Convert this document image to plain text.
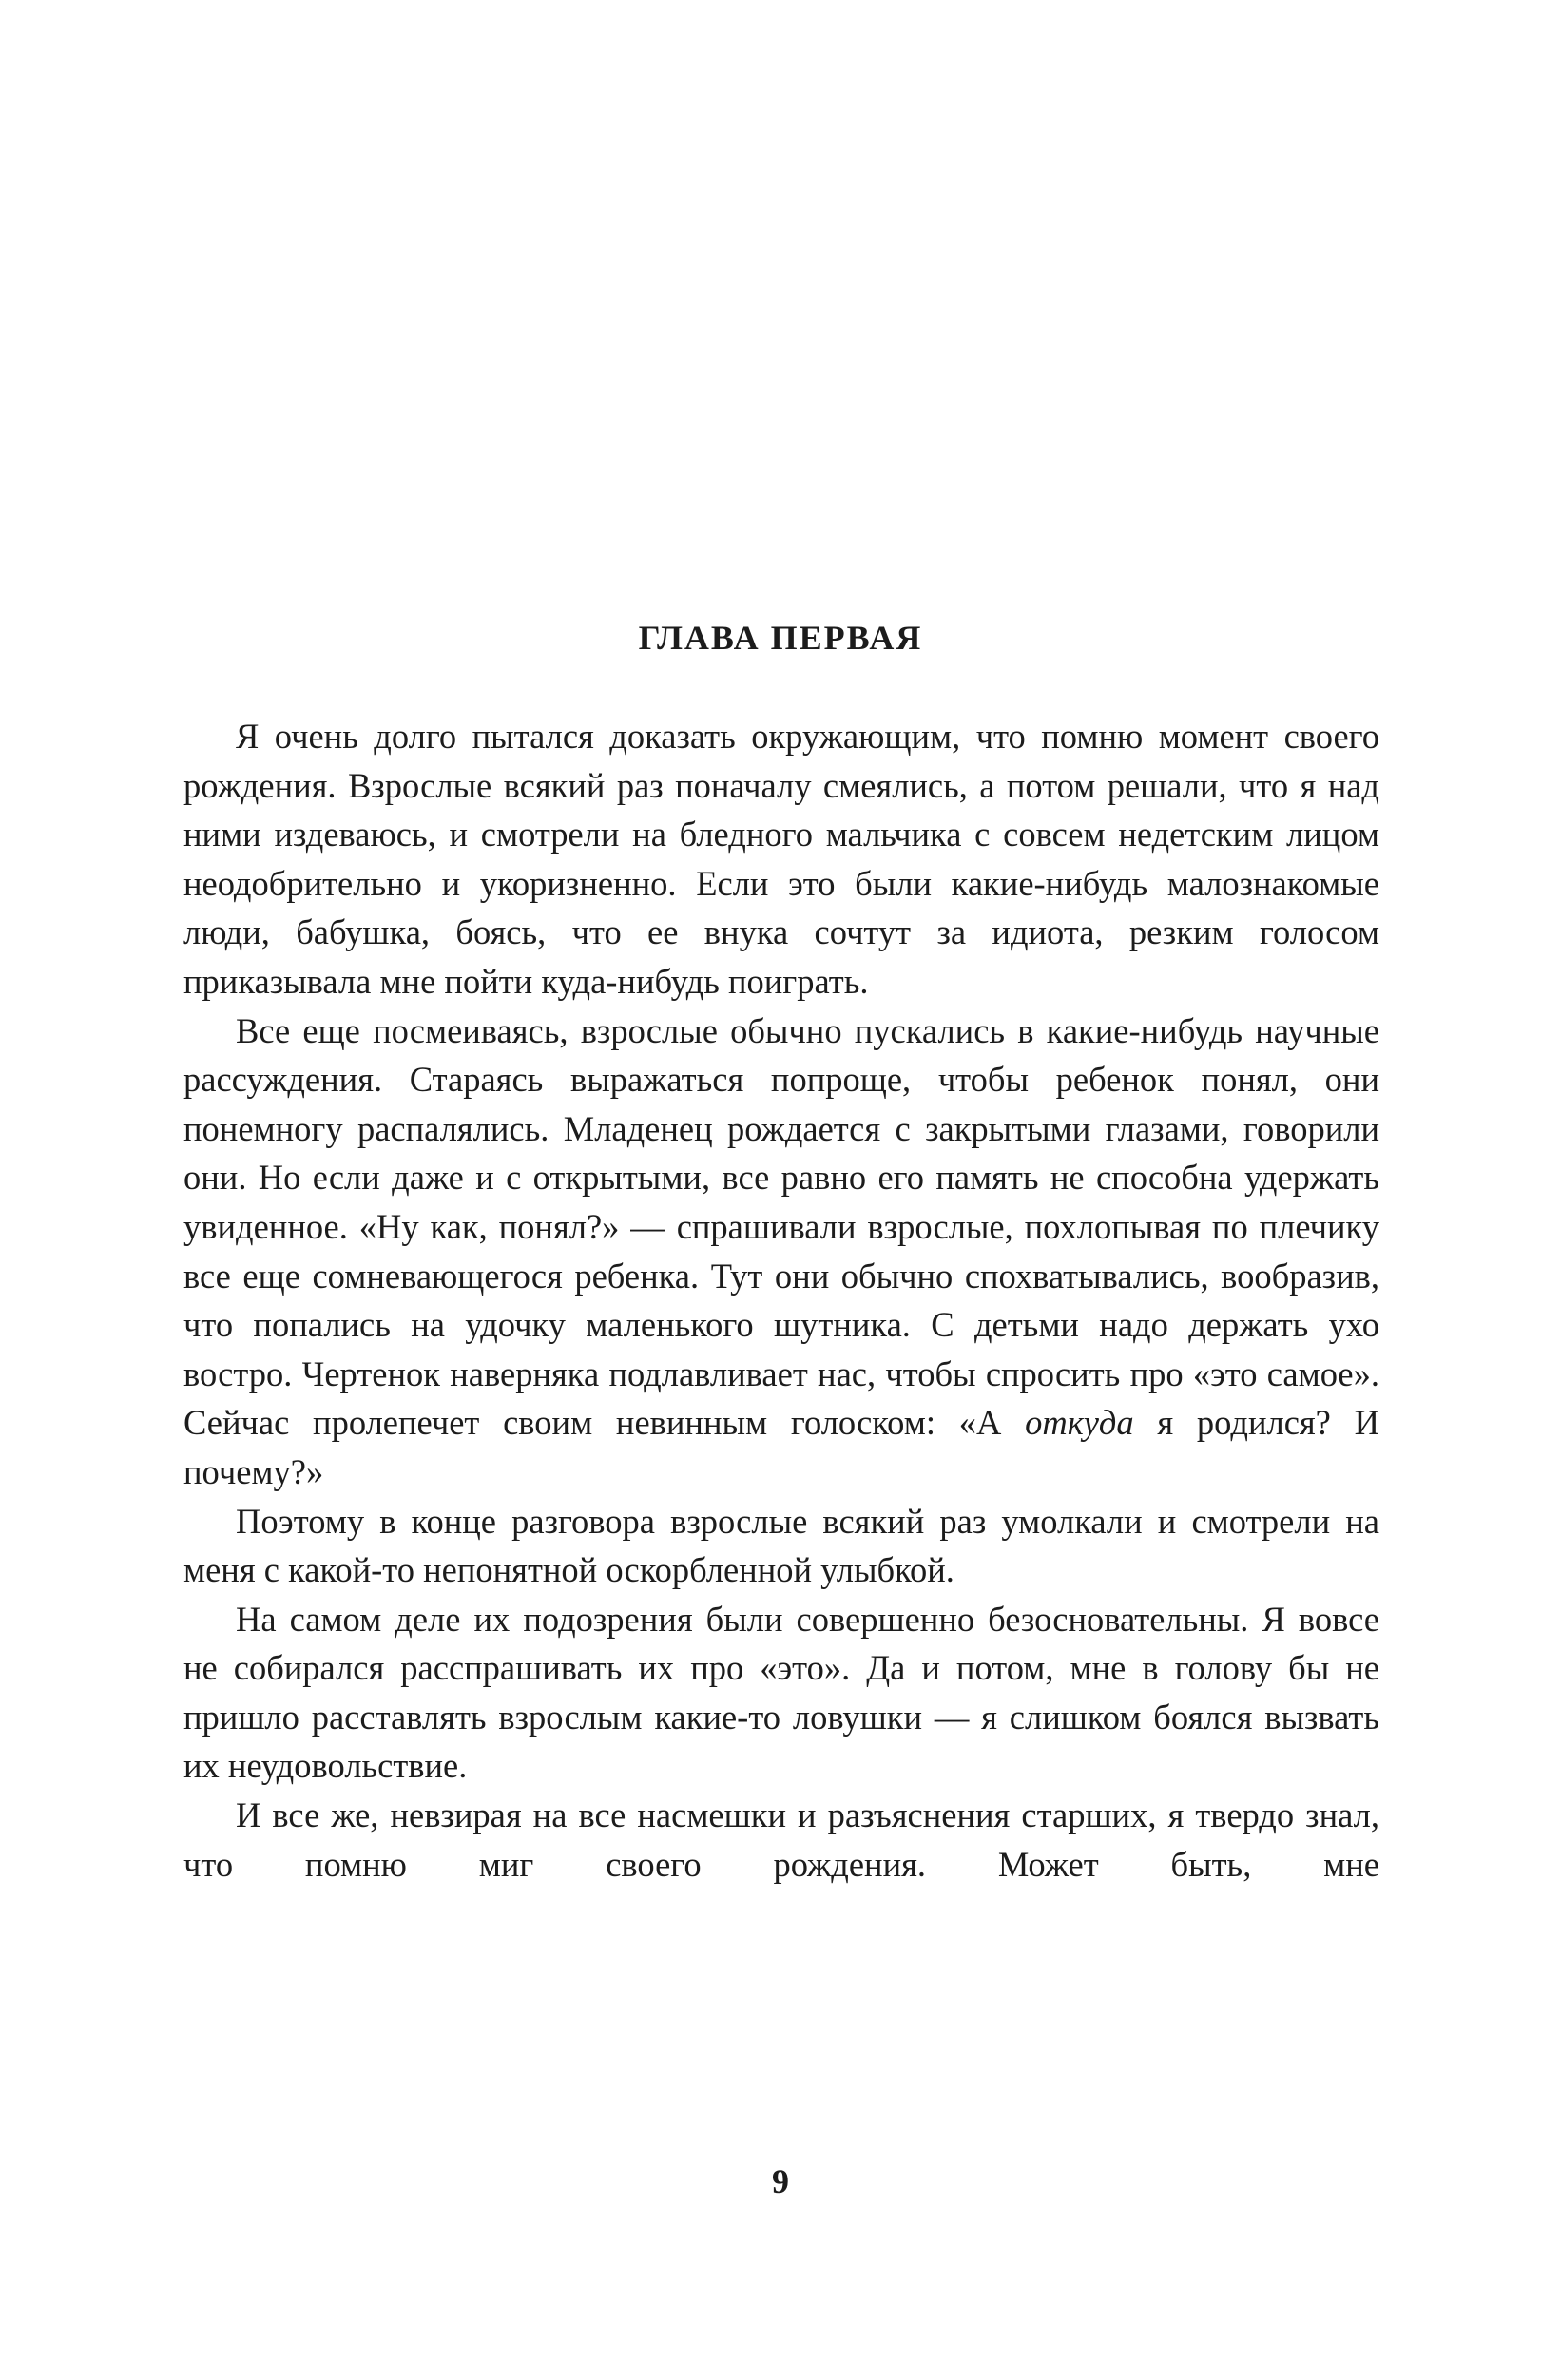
ГЛАВА ПЕРВАЯ

Я очень долго пытался доказать окружающим, что помню момент своего рождения. Взрослые всякий раз поначалу смеялись, а потом решали, что я над ними издеваюсь, и смотрели на бледного мальчика с совсем недетским лицом неодобрительно и укоризненно. Если это были какие-нибудь малознакомые люди, бабушка, боясь, что ее внука сочтут за идиота, резким голосом приказывала мне пойти куда-нибудь поиграть.

Все еще посмеиваясь, взрослые обычно пускались в какие-нибудь научные рассуждения. Стараясь выражаться попроще, чтобы ребенок понял, они понемногу распалялись. Младенец рождается с закрытыми глазами, говорили они. Но если даже и с открытыми, все равно его память не способна удержать увиденное. «Ну как, понял?» — спрашивали взрослые, похлопывая по плечику все еще сомневающегося ребенка. Тут они обычно спохватывались, вообразив, что попались на удочку маленького шутника. С детьми надо держать ухо востро. Чертенок наверняка подлавливает нас, чтобы спросить про «это самое». Сейчас пролепечет своим невинным голоском: «А откуда я родился? И почему?»

Поэтому в конце разговора взрослые всякий раз умолкали и смотрели на меня с какой-то непонятной оскорбленной улыбкой.

На самом деле их подозрения были совершенно безосновательны. Я вовсе не собирался расспрашивать их про «это». Да и потом, мне в голову бы не пришло расставлять взрослым какие-то ловушки — я слишком боялся вызвать их неудовольствие.

И все же, невзирая на все насмешки и разъяснения старших, я твердо знал, что помню миг своего рождения. Может быть, мне

9
